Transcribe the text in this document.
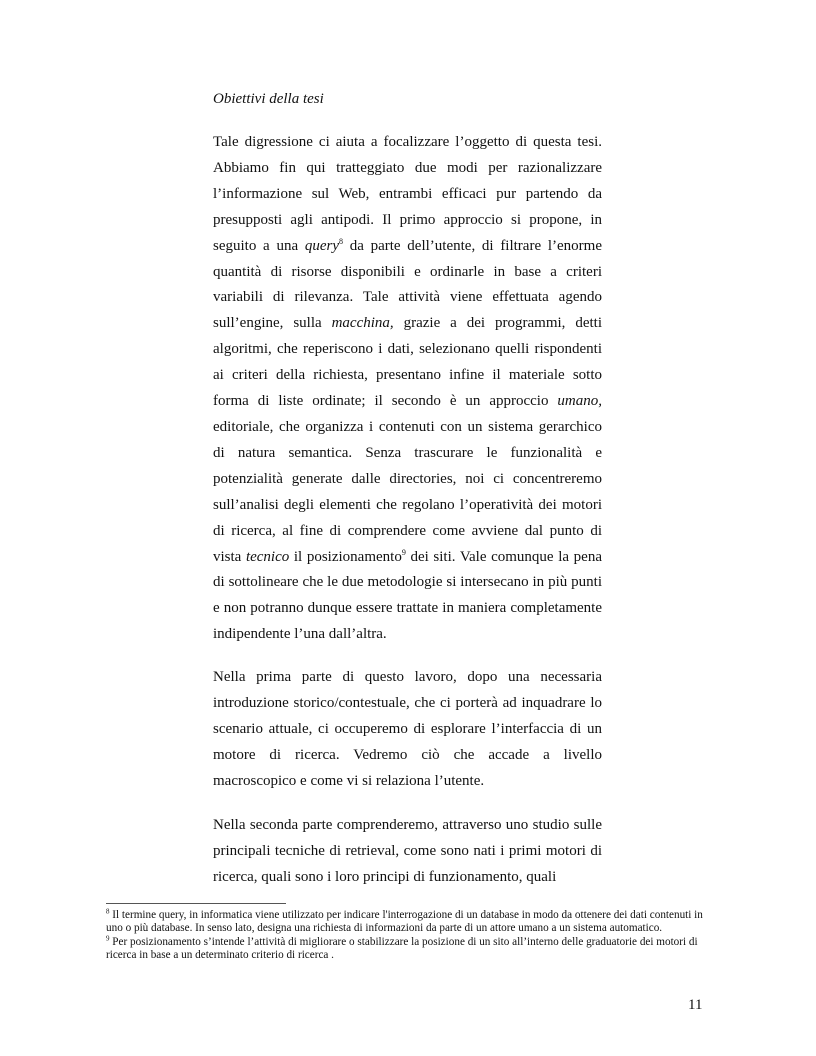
Obiettivi della tesi

Tale digressione ci aiuta a focalizzare l’oggetto di questa tesi. Abbiamo fin qui tratteggiato due modi per razionalizzare l’informazione sul Web, entrambi efficaci pur partendo da presupposti agli antipodi. Il primo approccio si propone, in seguito a una query$^8$ da parte dell’utente, di filtrare l’enorme quantità di risorse disponibili e ordinarle in base a criteri variabili di rilevanza. Tale attività viene effettuata agendo sull’engine, sulla macchina, grazie a dei programmi, detti algoritmi, che reperiscono i dati, selezionano quelli rispondenti ai criteri della richiesta, presentano infine il materiale sotto forma di liste ordinate; il secondo è un approccio umano, editoriale, che organizza i contenuti con un sistema gerarchico di natura semantica. Senza trascurare le funzionalità e potenzialità generate dalle directories, noi ci concentreremo sull’analisi degli elementi che regolano l’operatività dei motori di ricerca, al fine di comprendere come avviene dal punto di vista tecnico il posizionamento$^9$ dei siti. Vale comunque la pena di sottolineare che le due metodologie si intersecano in più punti e non potranno dunque essere trattate in maniera completamente indipendente l’una dall’altra.

Nella prima parte di questo lavoro, dopo una necessaria introduzione storico/contestuale, che ci porterà ad inquadrare lo scenario attuale, ci occuperemo di esplorare l’interfaccia di un motore di ricerca. Vedremo ciò che accade a livello macroscopico e come vi si relaziona l’utente.

Nella seconda parte comprenderemo, attraverso uno studio sulle principali tecniche di retrieval, come sono nati i primi motori di ricerca, quali sono i loro principi di funzionamento, quali

$^8$ Il termine query, in informatica viene utilizzato per indicare l'interrogazione di un database in modo da ottenere dei dati contenuti in uno o più database. In senso lato, designa una richiesta di informazioni da parte di un attore umano a un sistema automatico.

$^9$ Per posizionamento s’intende l’attività di migliorare o stabilizzare la posizione di un sito all’interno delle graduatorie dei motori di ricerca in base a un determinato criterio di ricerca .

11
